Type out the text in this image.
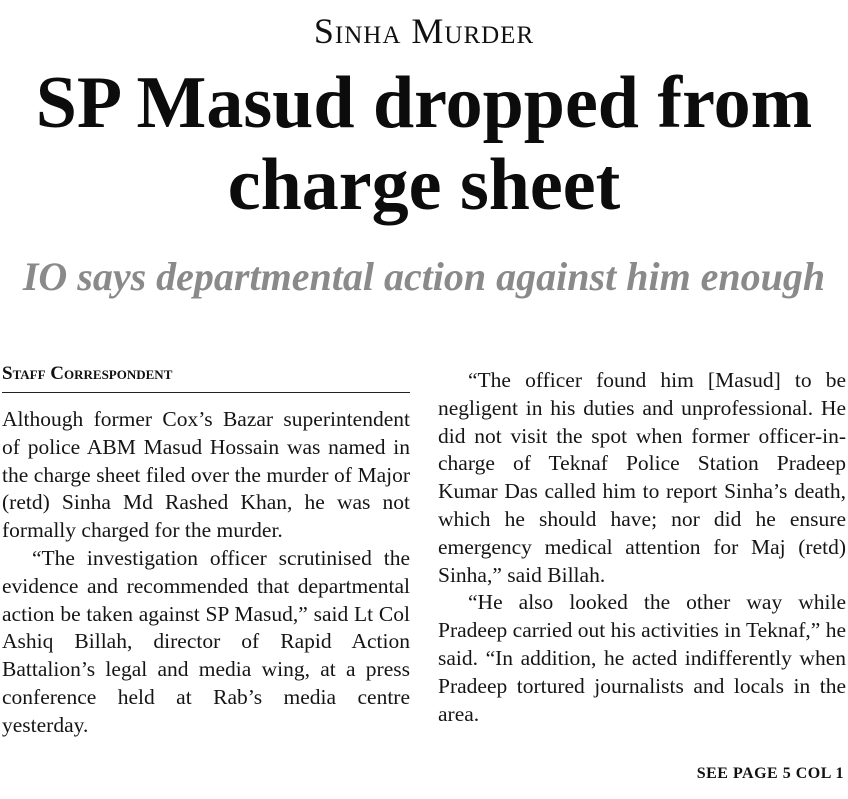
Sinha Murder
SP Masud dropped from charge sheet
IO says departmental action against him enough
Staff Correspondent

Although former Cox’s Bazar superintendent of police ABM Masud Hossain was named in the charge sheet filed over the murder of Major (retd) Sinha Md Rashed Khan, he was not formally charged for the murder.

“The investigation officer scrutinised the evidence and recommended that departmental action be taken against SP Masud,” said Lt Col Ashiq Billah, director of Rapid Action Battalion’s legal and media wing, at a press conference held at Rab’s media centre yesterday.

“The officer found him [Masud] to be negligent in his duties and unprofessional. He did not visit the spot when former officer-in-charge of Teknaf Police Station Pradeep Kumar Das called him to report Sinha’s death, which he should have; nor did he ensure emergency medical attention for Maj (retd) Sinha,” said Billah.

“He also looked the other way while Pradeep carried out his activities in Teknaf,” he said. “In addition, he acted indifferently when Pradeep tortured journalists and locals in the area.

SEE PAGE 5 COL 1
